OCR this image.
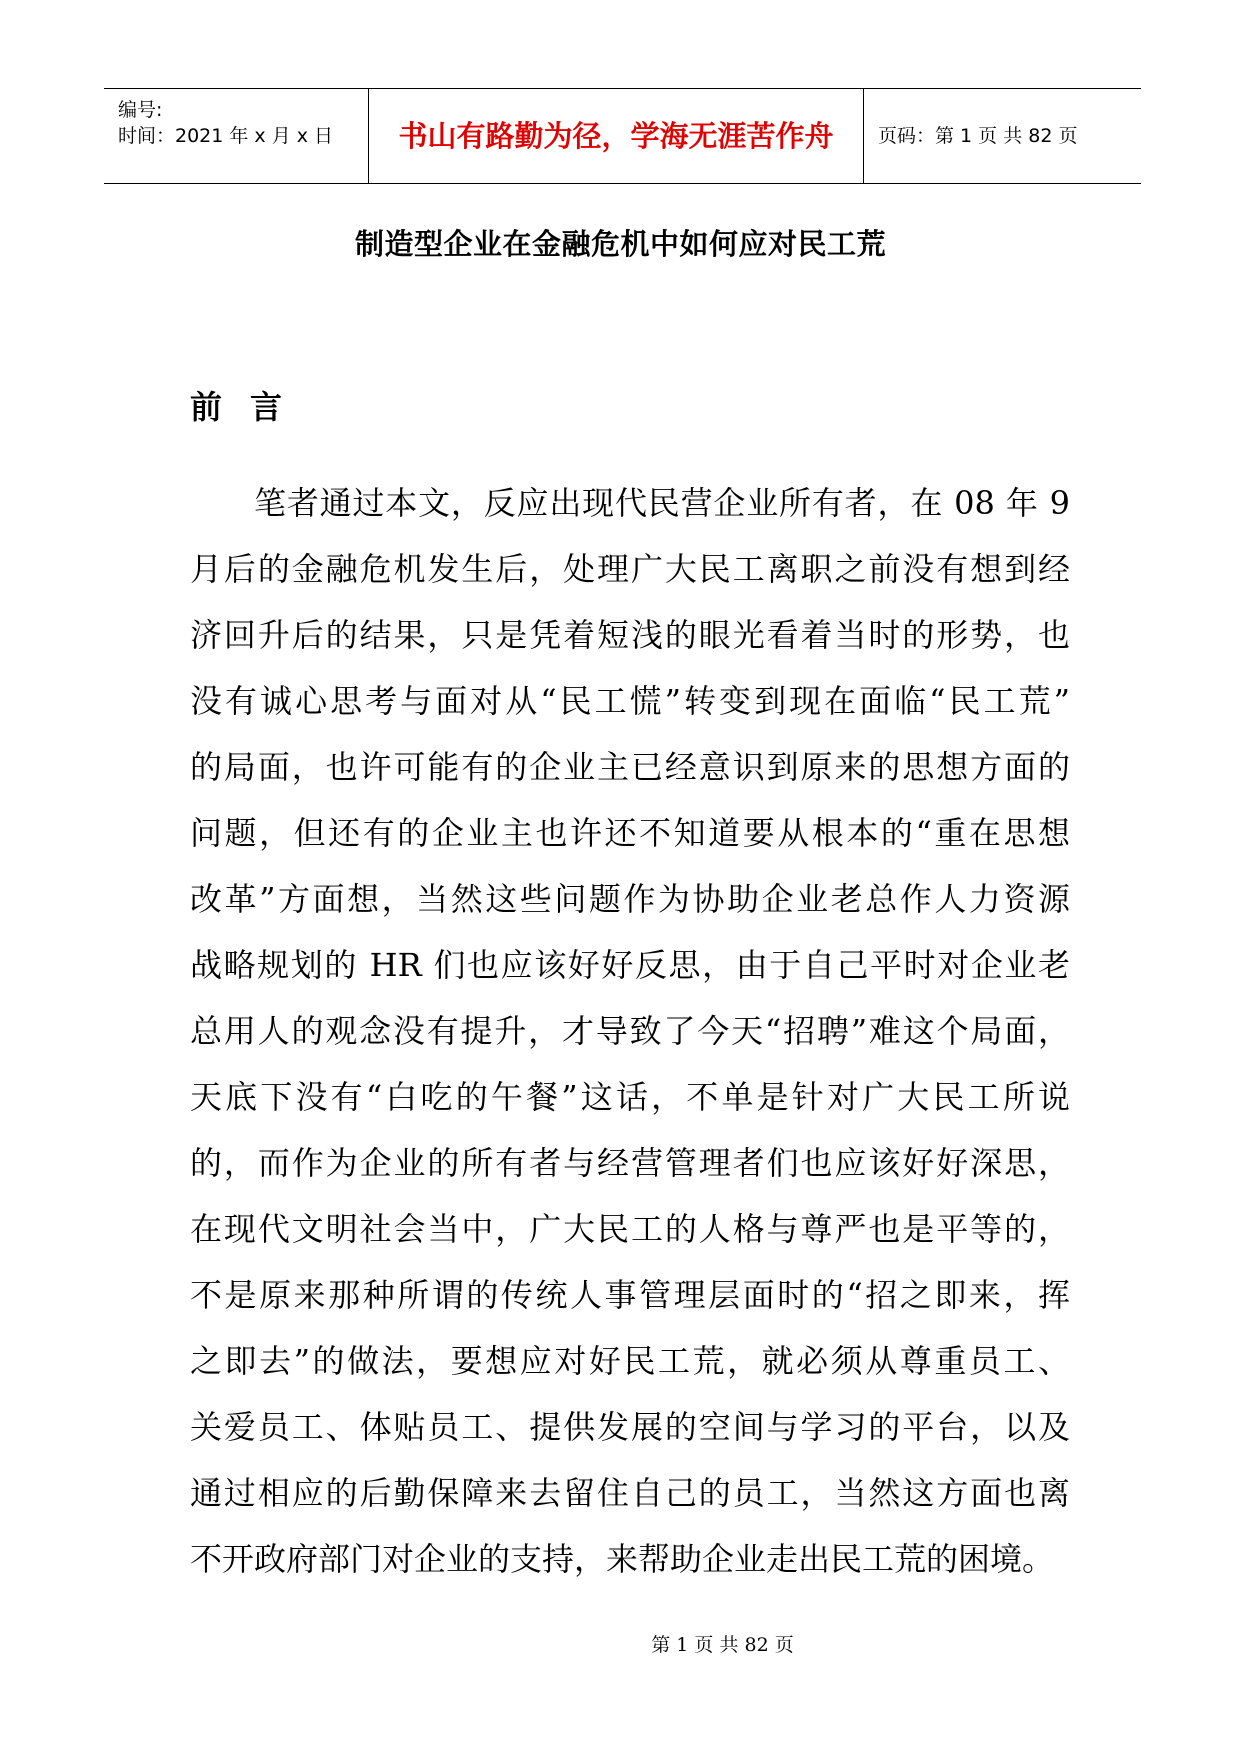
编号:
时间：2021 年 x 月 x 日	书山有路勤为径，学海无涯苦作舟	页码：第 1 页 共 82 页
制造型企业在金融危机中如何应对民工荒
前言
笔者通过本文，反应出现代民营企业所有者，在 08 年 9
月后的金融危机发生后，处理广大民工离职之前没有想到经
济回升后的结果，只是凭着短浅的眼光看着当时的形势，也
没有诚心思考与面对从“民工慌”转变到现在面临“民工荒”
的局面，也许可能有的企业主已经意识到原来的思想方面的
问题，但还有的企业主也许还不知道要从根本的“重在思想
改革”方面想，当然这些问题作为协助企业老总作人力资源
战略规划的 HR 们也应该好好反思，由于自己平时对企业老
总用人的观念没有提升，才导致了今天“招聘”难这个局面，
天底下没有“白吃的午餐”这话，不单是针对广大民工所说
的，而作为企业的所有者与经营管理者们也应该好好深思，
在现代文明社会当中，广大民工的人格与尊严也是平等的，
不是原来那种所谓的传统人事管理层面时的“招之即来，挥
之即去”的做法，要想应对好民工荒，就必须从尊重员工、
关爱员工、体贴员工、提供发展的空间与学习的平台，以及
通过相应的后勤保障来去留住自己的员工，当然这方面也离
不开政府部门对企业的支持，来帮助企业走出民工荒的困境。
第 1 页 共 82 页
